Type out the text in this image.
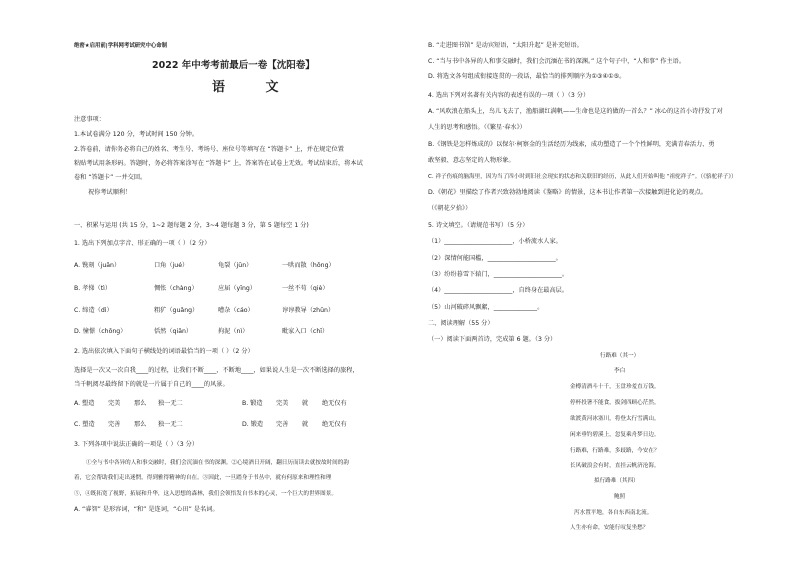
绝密★启用前|学科网考试研究中心命制
2022 年中考考前最后一卷【沈阳卷】
语 文
注意事项：
1.本试卷满分 120 分，考试时间 150 分钟。
2.答卷前，请你务必将自己的姓名、考生号、考场号、座位号等填写在 “答题卡” 上，并在规定位置
粘贴考试用条形码。答题时，务必将答案涂写在 “答题卡” 上，答案答在试卷上无效。考试结束后，将本试
卷和 “答题卡” 一并交回。
祝你考试顺利！
一、积累与运用 (共 15 分，1~2 题每题 2 分，3~4 题每题 3 分，第 5 题每空 1 分)
1. 选出下列加点字音、形正确的一项（ ）（2 分）
A. 镌刻（juān）	口角（jué）	龟裂（jūn）	一哄而散（hōng）
B. 孝悌（tì）	惆怅（chàng）	应届（yīng）	一丝不苟（qiè）
C. 缔造（dì）	粗犷（guǎng）	嘈杂（cáo）	谆谆教导（zhūn）
D. 憧憬（chōng）	恬然（qiān）	拘泥（nì）	毗家入口（chī）
2. 选出依次填入下面句子横线处的词语最恰当的一项（ ）（2 分）
选择是一次又一次自我____的过程，让我们不断____，不断地____，如果说人生是一次不断选择的旅程，
当千帆阅尽最终留下的就是一片属于自己的____的风景。
A. 塑造 完美 那么 独一无二	B. 锻造 完美 就 绝无仅有
C. 塑造 完善 那么 独一无二	D. 锻造 完善 就 绝无仅有
3. 下列各项中说法正确的一项是（ ）（3 分）
①全与书中各异的人和事交融时，我们会沉湎在书的深渊。②心境酒日开阔，翻日历而读去就按故时间的韵
着，它会帮助我们走出迷惘，得到雅得精神的自在。③因此，一旦踏身于书丛中，就有何原来和理性和理
⑤，④既拓宽了视野，拓展和升华，这入思想的森林，我们会领悟发自书本的心灵，一个巨大的世界图景。
A. “睿智” 是形容词，“和” 是连词，“心田” 是名词。
B. “走进图书馆” 是动宾短语，“太阳升起” 是补充短语。
C. “当与书中各异的人和事交融时，我们会沉湎在书的深渊。” 这个句子中，“人和事” 作主语。
D. 将选文各句组成衔接连贯的一段话，最恰当的排列顺序为①③④①⑤。
4. 选出下列对名著有关内容的表述有误的一项（ ）（3 分）
A. “风吹浪在船头上，鸟儿飞去了，渔船湖红满帆——生命也是这的做的一首么？” 冰心的这首小诗抒发了对
人生的思考和感悟。（《繁星·春水》）
B.《钢铁是怎样炼成的》以保尔·柯察金的生活经历为线索，成功塑造了一个个性鲜明，充满青春活力、勇
敢坚毅、意志坚定的人物形象。
C. 祥子伤痕的脑海里，因为当了四小时到旧社会现实的状态和关联旧的经历，从此人们开始叫他 “祖驼祥子”。（《骆驼祥子》）
D.《朝花》里描绘了作者兴致勃勃地阅读《鉴略》的情景，这本书让作者第一次接触到进化论的观点。
（《朝花夕拾》）
5. 诗文填空。（请规范书写）（5 分）
（1）______________________，小桥流水人家。
（2）深情何能国槛，______________________。
（3）纷纷暮雪下辕门，______________________。
（4）______________________，自终身在最高层。
（5）山河破碎风飘絮，______________。
二、阅读理解（55 分）
（一）阅读下面两首诗，完成第 6 题。（3 分）
行路难（其一）
李白
金樽清酒斗十千，玉盘珍羞直万钱。
停杯投箸不能食，拔剑四顾心茫然。
欲渡黄河冰塞川，将登太行雪满山。
闲来垂钓碧溪上，忽复乘舟梦日边。
行路难，行路难，多歧路，今安在？
长风破浪会有时，直挂云帆济沧海。
拟行路难（其四）
鲍照
泻水置平地，各自东西南北流。
人生亦有命，安能行叹复坐愁？
